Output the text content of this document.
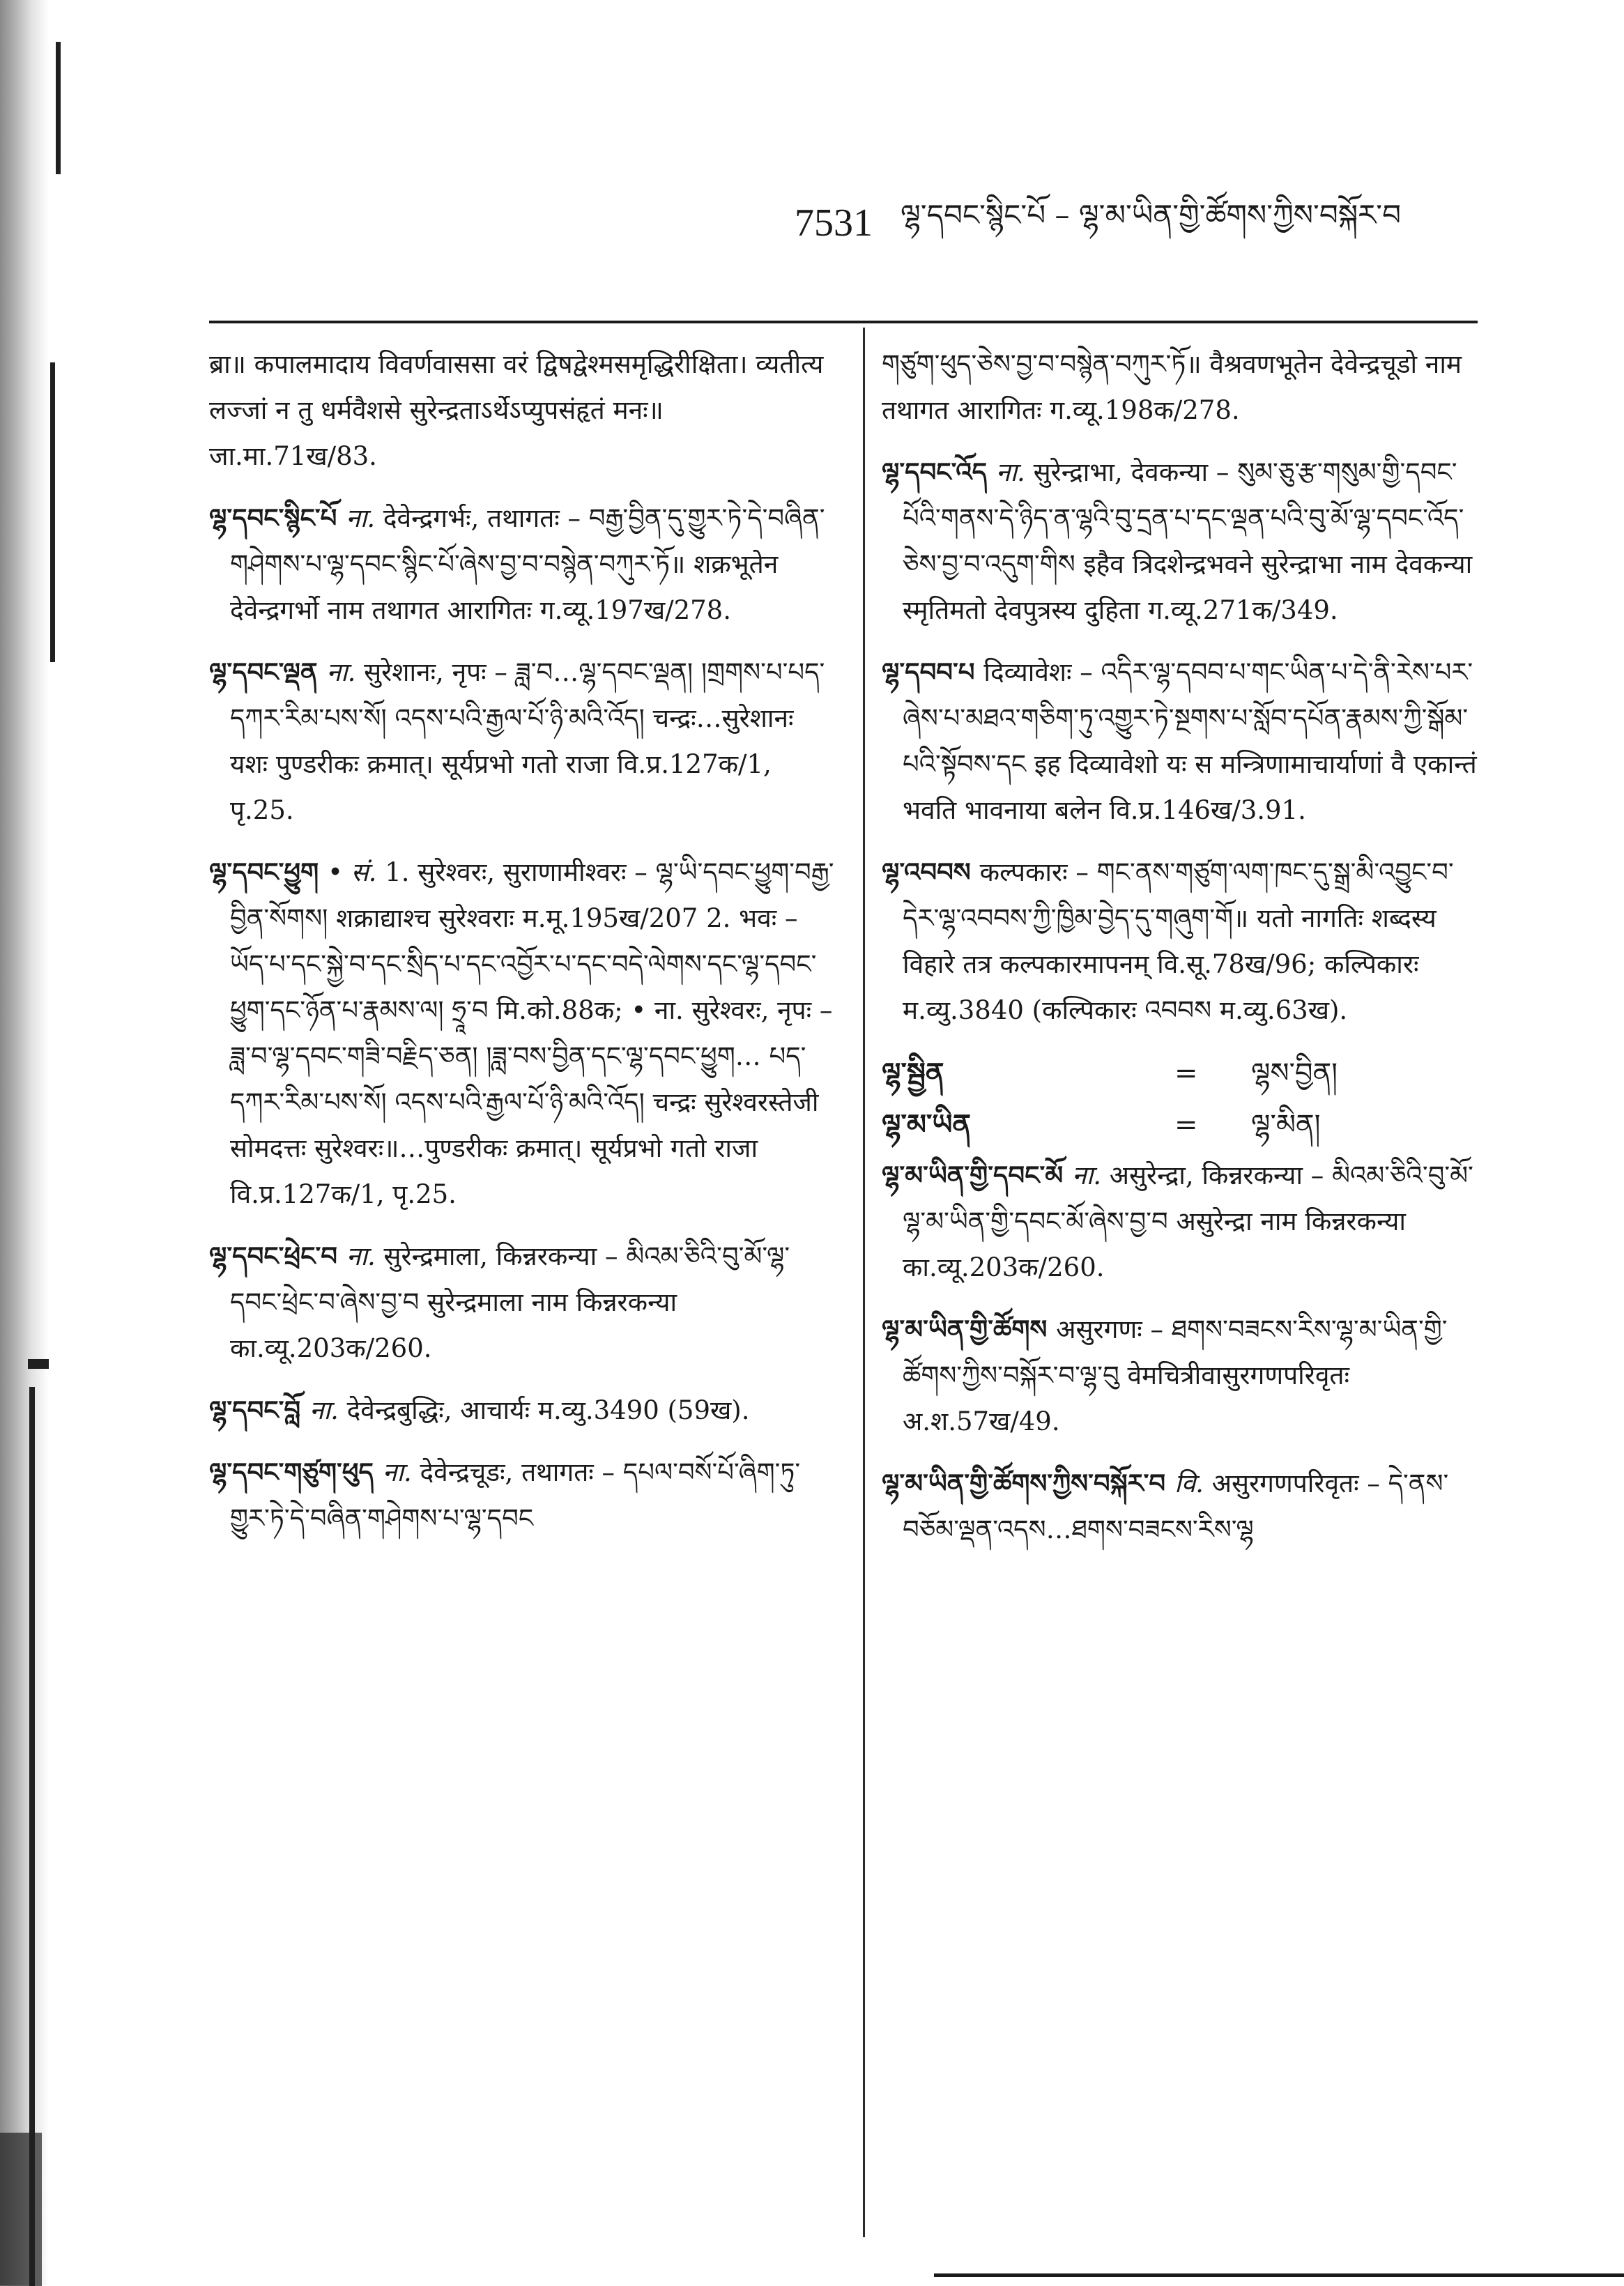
7531 ལྷ་དབང་སྙིང་པོ – ལྷ་མ་ཡིན་གྱི་ཚོགས་ཀྱིས་བསྐོར་བ

ब्रा॥ कपालमादाय विवर्णवाससा वरं द्विषद्वेश्मसमृद्धिरीक्षिता। व्यतीत्य लज्जां न तु धर्मवैशसे सुरेन्द्रताऽर्थेऽप्युपसंहृतं मनः॥ जा.मा.71ख/83.

ལྷ་དབང་སྙིང་པོ ना. देवेन्द्रगर्भः, तथागतः – བརྒྱ་བྱིན་དུ་གྱུར་ཏེ་དེ་བཞིན་གཤེགས་པ་ལྷ་དབང་སྙིང་པོ་ཞེས་བྱ་བ་བསྙེན་བཀུར་ཏོ॥ शक्रभूतेन देवेन्द्रगर्भो नाम तथागत आरागितः ग.व्यू.197ख/278.

ལྷ་དབང་ལྡན ना. सुरेशानः, नृपः – ཟླ་བ…ལྷ་དབང་ལྡན། །གྲགས་པ་པད་དཀར་རིམ་པས་སོ། འདས་པའི་རྒྱལ་པོ་ཉི་མའི་འོད། चन्द्रः…सुरेशानः यशः पुण्डरीकः क्रमात्। सूर्यप्रभो गतो राजा वि.प्र.127क/1, पृ.25.

ལྷ་དབང་ཕྱུག • सं. 1. सुरेश्वरः, सुराणामीश्वरः – ལྷ་ཡི་དབང་ཕྱུག་བརྒྱ་བྱིན་སོགས། शक्राद्याश्च सुरेश्वराः म.मू.195ख/207 2. भवः – ཡོད་པ་དང་སྐྱེ་བ་དང་སྲིད་པ་དང་འབྱོར་པ་དང་བདེ་ལེགས་དང་ལྷ་དབང་ཕྱུག་དང་ཉོན་པ་རྣམས་ལ། ཧྲཱ་བ मि.को.88क; • ना. सुरेश्वरः, नृपः – ཟླ་བ་ལྷ་དབང་གཟི་བརྗིད་ཅན། །ཟླ་བས་བྱིན་དང་ལྷ་དབང་ཕྱུག… པད་དཀར་རིམ་པས་སོ། འདས་པའི་རྒྱལ་པོ་ཉི་མའི་འོད། चन्द्रः सुरेश्वरस्तेजी सोमदत्तः सुरेश्वरः॥…पुण्डरीकः क्रमात्। सूर्यप्रभो गतो राजा वि.प्र.127क/1, पृ.25.

ལྷ་དབང་ཕྲེང་བ ना. सुरेन्द्रमाला, किन्नरकन्या – མིའམ་ཅིའི་བུ་མོ་ལྷ་དབང་ཕྲེང་བ་ཞེས་བྱ་བ सुरेन्द्रमाला नाम किन्नरकन्या का.व्यू.203क/260.

ལྷ་དབང་བློ ना. देवेन्द्रबुद्धिः, आचार्यः म.व्यु.3490 (59ख).

ལྷ་དབང་གཙུག་ཕུད ना. देवेन्द्रचूडः, तथागतः – དཔལ་བསོ་པོ་ཞིག་ཏུ་གྱུར་ཏེ་དེ་བཞིན་གཤེགས་པ་ལྷ་དབང

གཙུག་ཕུད་ཅེས་བྱ་བ་བསྙེན་བཀུར་ཏོ॥ वैश्रवणभूतेन देवेन्द्रचूडो नाम तथागत आरागितः ग.व्यू.198क/278.

ལྷ་དབང་འོད ना. सुरेन्द्राभा, देवकन्या – སུམ་ཅུ་རྩ་གསུམ་གྱི་དབང་པོའི་གནས་དེ་ཉིད་ན་ལྷའི་བུ་དྲན་པ་དང་ལྡན་པའི་བུ་མོ་ལྷ་དབང་འོད་ཅེས་བྱ་བ་འདུག་གིས इहैव त्रिदशेन्द्रभवने सुरेन्द्राभा नाम देवकन्या स्मृतिमतो देवपुत्रस्य दुहिता ग.व्यू.271क/349.

ལྷ་དབབ་པ दिव्यावेशः – འདིར་ལྷ་དབབ་པ་གང་ཡིན་པ་དེ་ནི་རེས་པར་ཞེས་པ་མཐའ་གཅིག་ཏུ་འགྱུར་ཏེ་སྔགས་པ་སློབ་དཔོན་རྣམས་ཀྱི་སྒོམ་པའི་སྟོབས་དང इह दिव्यावेशो यः स मन्त्रिणामाचार्याणां वै एकान्तं भवति भावनाया बलेन वि.प्र.146ख/3.91.

ལྷ་འབབས कल्पकारः – གང་ནས་གཙུག་ལག་ཁང་དུ་སྒྲ་མི་འབྱུང་བ་དེར་ལྷ་འབབས་ཀྱི་ཁྱིམ་བྱེད་དུ་གཞུག་གོ॥ यतो नागतिः शब्दस्य विहारे तत्र कल्पकारमापनम् वि.सू.78ख/96; कल्पिकारः म.व्यु.3840 (कल्पिकारः འབབས म.व्यु.63ख).

ལྷ་སྦྱིན	=	ལྷས་བྱིན།
ལྷ་མ་ཡིན	=	ལྷ་མིན།

ལྷ་མ་ཡིན་གྱི་དབང་མོ ना. असुरेन्द्रा, किन्नरकन्या – མིའམ་ཅིའི་བུ་མོ་ལྷ་མ་ཡིན་གྱི་དབང་མོ་ཞེས་བྱ་བ असुरेन्द्रा नाम किन्नरकन्या का.व्यू.203क/260.

ལྷ་མ་ཡིན་གྱི་ཚོགས असुरगणः – ཐགས་བཟངས་རིས་ལྷ་མ་ཡིན་གྱི་ཚོགས་ཀྱིས་བསྐོར་བ་ལྷ་བུ वेमचित्रीवासुरगणपरिवृतः अ.श.57ख/49.

ལྷ་མ་ཡིན་གྱི་ཚོགས་ཀྱིས་བསྐོར་བ वि. असुरगणपरिवृतः – དེ་ནས་བཅོམ་ལྡན་འདས…ཐགས་བཟངས་རིས་ལྷ
